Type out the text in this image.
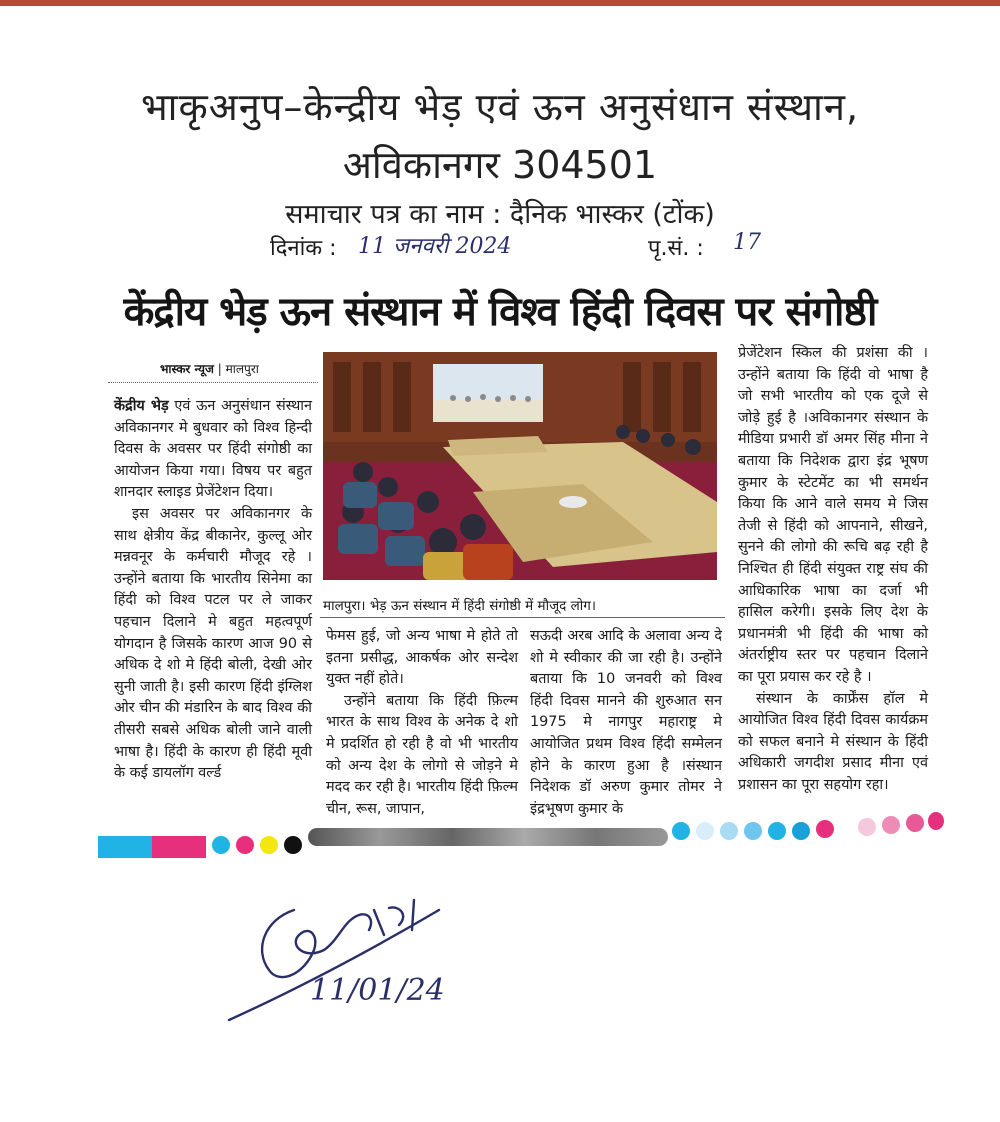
भाकृअनुप–केन्द्रीय भेड़ एवं ऊन अनुसंधान संस्थान,
अविकानगर 304501
समाचार पत्र का नाम : दैनिक भास्कर (टोंक)
दिनांक : 11 जनवरी 2024	पृ.सं. : 17
केंद्रीय भेड़ ऊन संस्थान में विश्व हिंदी दिवस पर संगोष्ठी
भास्कर न्यूज | मालपुरा

केंद्रीय भेड़ एवं ऊन अनुसंधान संस्थान अविकानगर मे बुधवार को विश्व हिन्दी दिवस के अवसर पर हिंदी संगोष्ठी का आयोजन किया गया। विषय पर बहुत शानदार स्लाइड प्रेजेंटेशन दिया।

इस अवसर पर अविकानगर के साथ क्षेत्रीय केंद्र बीकानेर, कुल्लू ओर मन्नवनूर के कर्मचारी मौजूद रहे । उन्होंने बताया कि भारतीय सिनेमा का हिंदी को विश्व पटल पर ले जाकर पहचान दिलाने मे बहुत महत्वपूर्ण योगदान है जिसके कारण आज 90 से अधिक दे शो मे हिंदी बोली, देखी ओर सुनी जाती है। इसी कारण हिंदी इंग्लिश ओर चीन की मंडारिन के बाद विश्व की तीसरी सबसे अधिक बोली जाने वाली भाषा है। हिंदी के कारण ही हिंदी मूवी के कई डायलॉग वर्ल्ड

मालपुरा। भेड़ ऊन संस्थान में हिंदी संगोष्ठी में मौजूद लोग।

फेमस हुई, जो अन्य भाषा मे होते तो इतना प्रसीद्ध, आकर्षक ओर सन्देश युक्त नहीं होते।

उन्होंने बताया कि हिंदी फ़िल्म भारत के साथ विश्व के अनेक दे शो मे प्रदर्शित हो रही है वो भी भारतीय को अन्य देश के लोगो से जोड़ने मे मदद कर रही है। भारतीय हिंदी फ़िल्म चीन, रूस, जापान,

सऊदी अरब आदि के अलावा अन्य दे शो मे स्वीकार की जा रही है। उन्होंने बताया कि 10 जनवरी को विश्व हिंदी दिवस मानने की शुरुआत सन 1975 मे नागपुर महाराष्ट्र मे आयोजित प्रथम विश्व हिंदी सम्मेलन होने के कारण हुआ है ।संस्थान निदेशक डॉ अरुण कुमार तोमर ने इंद्रभूषण कुमार के

प्रेजेंटेशन स्किल की प्रशंसा की । उन्होंने बताया कि हिंदी वो भाषा है जो सभी भारतीय को एक दूजे से जोड़े हुई है ।अविकानगर संस्थान के मीडिया प्रभारी डॉ अमर सिंह मीना ने बताया कि निदेशक द्वारा इंद्र भूषण कुमार के स्टेटमेंट का भी समर्थन किया कि आने वाले समय मे जिस तेजी से हिंदी को आपनाने, सीखने, सुनने की लोगो की रूचि बढ़ रही है निश्चित ही हिंदी संयुक्त राष्ट्र संघ की आधिकारिक भाषा का दर्जा भी हासिल करेगी। इसके लिए देश के प्रधानमंत्री भी हिंदी की भाषा को अंतर्राष्ट्रीय स्तर पर पहचान दिलाने का पूरा प्रयास कर रहे है ।

संस्थान के कार्फ्रेंस हॉल मे आयोजित विश्व हिंदी दिवस कार्यक्रम को सफल बनाने मे संस्थान के हिंदी अधिकारी जगदीश प्रसाद मीना एवं प्रशासन का पूरा सहयोग रहा।

11/01/24
